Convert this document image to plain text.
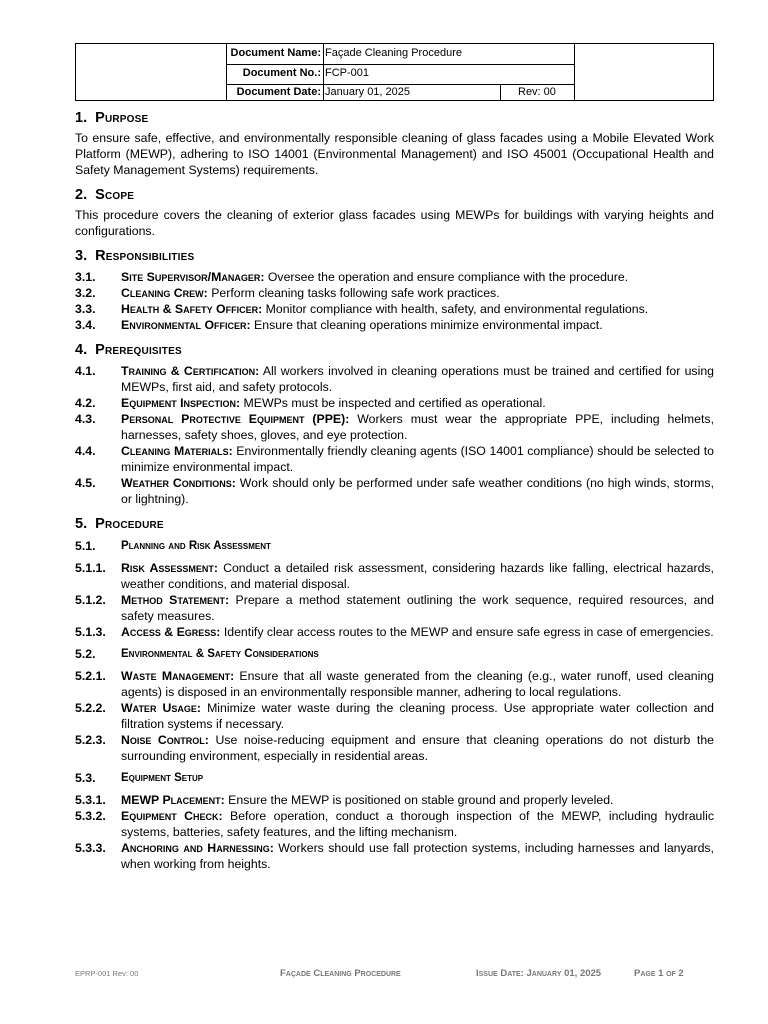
Document Name: Façade Cleaning Procedure
Document No.: FCP-001
Document Date: January 01, 2025	Rev: 00
1. Purpose

To ensure safe, effective, and environmentally responsible cleaning of glass facades using a Mobile Elevated Work Platform (MEWP), adhering to ISO 14001 (Environmental Management) and ISO 45001 (Occupational Health and Safety Management Systems) requirements.

2. Scope

This procedure covers the cleaning of exterior glass facades using MEWPs for buildings with varying heights and configurations.

3. Responsibilities
3.1.	Site Supervisor/Manager: Oversee the operation and ensure compliance with the procedure.
3.2.	Cleaning Crew: Perform cleaning tasks following safe work practices.
3.3.	Health & Safety Officer: Monitor compliance with health, safety, and environmental regulations.
3.4.	Environmental Officer: Ensure that cleaning operations minimize environmental impact.
4. Prerequisites
4.1.	Training & Certification: All workers involved in cleaning operations must be trained and certified for using MEWPs, first aid, and safety protocols.
4.2.	Equipment Inspection: MEWPs must be inspected and certified as operational.
4.3.	Personal Protective Equipment (PPE): Workers must wear the appropriate PPE, including helmets, harnesses, safety shoes, gloves, and eye protection.
4.4.	Cleaning Materials: Environmentally friendly cleaning agents (ISO 14001 compliance) should be selected to minimize environmental impact.
4.5.	Weather Conditions: Work should only be performed under safe weather conditions (no high winds, storms, or lightning).
5. Procedure
5.1.	Planning and Risk Assessment
5.1.1.	Risk Assessment: Conduct a detailed risk assessment, considering hazards like falling, electrical hazards, weather conditions, and material disposal.
5.1.2.	Method Statement: Prepare a method statement outlining the work sequence, required resources, and safety measures.
5.1.3.	Access & Egress: Identify clear access routes to the MEWP and ensure safe egress in case of emergencies.
5.2.	Environmental & Safety Considerations
5.2.1.	Waste Management: Ensure that all waste generated from the cleaning (e.g., water runoff, used cleaning agents) is disposed in an environmentally responsible manner, adhering to local regulations.
5.2.2.	Water Usage: Minimize water waste during the cleaning process. Use appropriate water collection and filtration systems if necessary.
5.2.3.	Noise Control: Use noise-reducing equipment and ensure that cleaning operations do not disturb the surrounding environment, especially in residential areas.
5.3.	Equipment Setup
5.3.1.	MEWP Placement: Ensure the MEWP is positioned on stable ground and properly leveled.
5.3.2.	Equipment Check: Before operation, conduct a thorough inspection of the MEWP, including hydraulic systems, batteries, safety features, and the lifting mechanism.
5.3.3.	Anchoring and Harnessing: Workers should use fall protection systems, including harnesses and lanyards, when working from heights.
EPRP-001 Rev: 00	Façade Cleaning Procedure	Issue Date: January 01, 2025	Page 1 of 2
